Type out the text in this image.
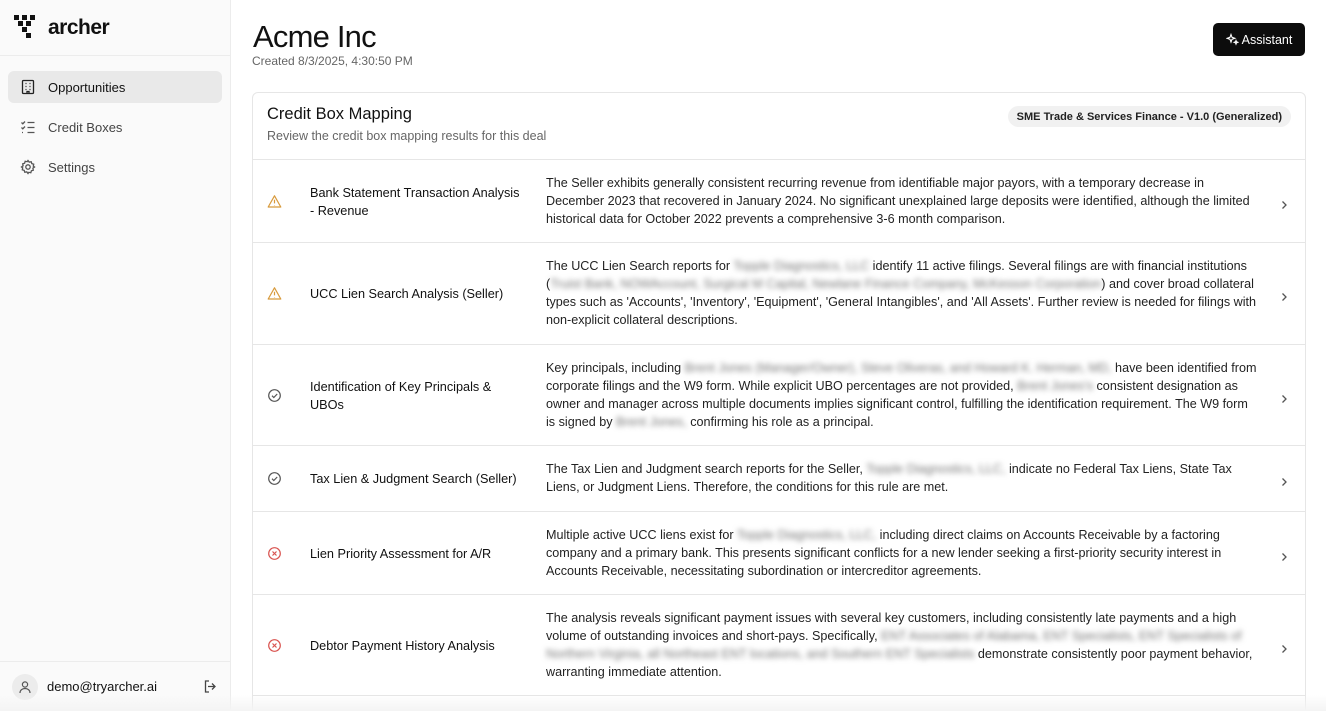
archer
Opportunities
Credit Boxes
Settings
demo@tryarcher.ai
Acme Inc
Created 8/3/2025, 4:30:50 PM
Assistant
Credit Box Mapping
Review the credit box mapping results for this deal
SME Trade & Services Finance - V1.0 (Generalized)
Bank Statement Transaction Analysis - Revenue
The Seller exhibits generally consistent recurring revenue from identifiable major payors, with a temporary decrease in December 2023 that recovered in January 2024. No significant unexplained large deposits were identified, although the limited historical data for October 2022 prevents a comprehensive 3-6 month comparison.
UCC Lien Search Analysis (Seller)
The UCC Lien Search reports for Topple Diagnostics, LLC identify 11 active filings. Several filings are with financial institutions (Truist Bank, NOWAccount, Surgical M Capital, Newlane Finance Company, McKesson Corporation) and cover broad collateral types such as 'Accounts', 'Inventory', 'Equipment', 'General Intangibles', and 'All Assets'. Further review is needed for filings with non-explicit collateral descriptions.
Identification of Key Principals & UBOs
Key principals, including Brent Jones (Manager/Owner), Steve Oliveras, and Howard K. Herman, MD, have been identified from corporate filings and the W9 form. While explicit UBO percentages are not provided, Brent Jones's consistent designation as owner and manager across multiple documents implies significant control, fulfilling the identification requirement. The W9 form is signed by Brent Jones, confirming his role as a principal.
Tax Lien & Judgment Search (Seller)
The Tax Lien and Judgment search reports for the Seller, Topple Diagnostics, LLC, indicate no Federal Tax Liens, State Tax Liens, or Judgment Liens. Therefore, the conditions for this rule are met.
Lien Priority Assessment for A/R
Multiple active UCC liens exist for Topple Diagnostics, LLC, including direct claims on Accounts Receivable by a factoring company and a primary bank. This presents significant conflicts for a new lender seeking a first-priority security interest in Accounts Receivable, necessitating subordination or intercreditor agreements.
Debtor Payment History Analysis
The analysis reveals significant payment issues with several key customers, including consistently late payments and a high volume of outstanding invoices and short-pays. Specifically, ENT Associates of Alabama, ENT Specialists, ENT Specialists of Northern Virginia, all Northeast ENT locations, and Southern ENT Specialists demonstrate consistently poor payment behavior, warranting immediate attention.
